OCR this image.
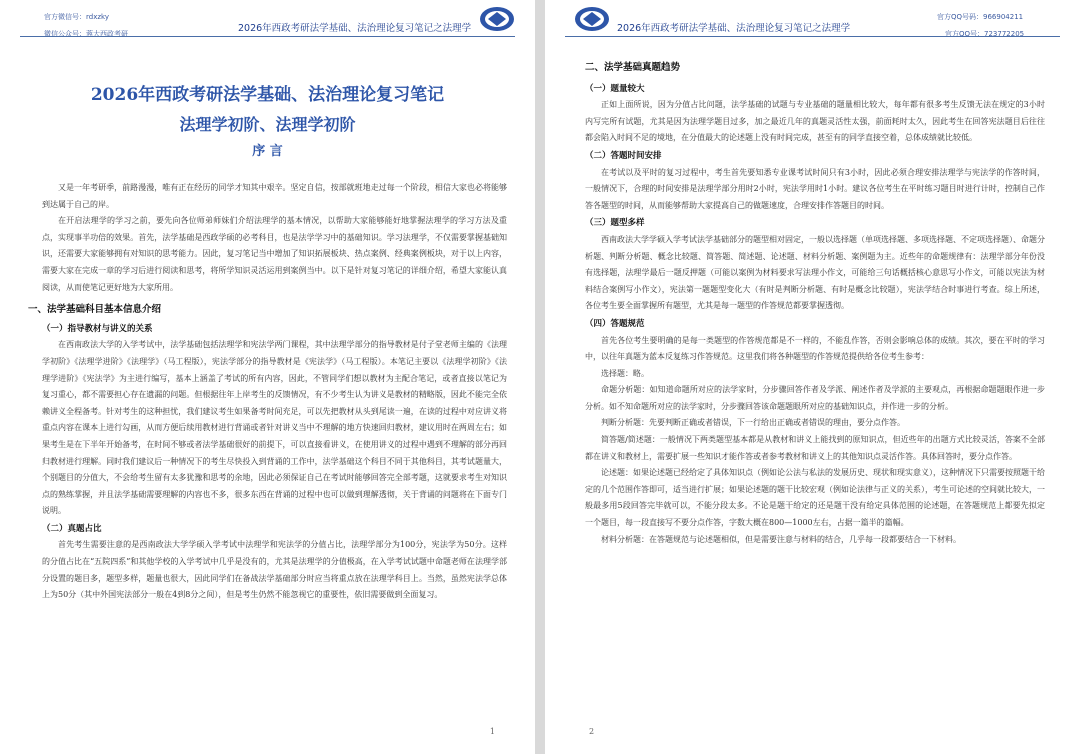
官方微信号：rdxzky
微信公众号：蓉大西政考研	2026年西政考研法学基础、法治理论复习笔记之法理学
2026年西政考研法学基础、法治理论复习笔记
法理学初阶、法理学初阶
序 言

又是一年考研季，前路漫漫，唯有正在经历的同学才知其中艰辛。坚定自信，按部就班地走过每一个阶段，相信大家也必将能够到达属于自己的岸。

在开启法理学的学习之前，要先向各位师弟师妹们介绍法理学的基本情况，以帮助大家能够能好地掌握法理学的学习方法及重点，实现事半功倍的效果。首先，法学基础是西政学硕的必考科目，也是法学学习中的基础知识。学习法理学，不仅需要掌握基础知识，还需要大家能够拥有对知识的思考能力。因此，复习笔记当中增加了知识拓展板块、热点案例、经典案例板块，对于以上内容，需要大家在完成一章的学习后进行阅读和思考，将所学知识灵活运用到案例当中。以下是针对复习笔记的详细介绍，希望大家能认真阅读，从而使笔记更好地为大家所用。

一、法学基础科目基本信息介绍
（一）指导教材与讲义的关系

在西南政法大学的入学考试中，法学基础包括法理学和宪法学两门课程，其中法理学部分的指导教材是付子堂老师主编的《法理学初阶》《法理学进阶》《法理学》（马工程版），宪法学部分的指导教材是《宪法学》（马工程版）。本笔记主要以《法理学初阶》《法理学进阶》《宪法学》为主进行编写，基本上涵盖了考试的所有内容，因此，不管同学们想以教材为主配合笔记，或者直接以笔记为复习重心，都不需要担心存在遗漏的问题。但根据往年上岸考生的反馈情况，有不少考生认为讲义是教材的精略版，因此不能完全依赖讲义全程备考。针对考生的这种担忧，我们建议考生如果备考时间充足，可以先把教材从头到尾读一遍，在读的过程中对应讲义将重点内容在课本上进行勾画，从而方便后续用教材进行背诵或者针对讲义当中不理解的地方快速回归教材，建议用时在两周左右；如果考生是在下半年开始备考，在时间不够或者法学基础很好的前提下，可以直接看讲义，在使用讲义的过程中遇到不理解的部分再回归教材进行理解。同时我们建议后一种情况下的考生尽快投入到背诵的工作中，法学基础这个科目不同于其他科目，其考试题量大，个别题目的分值大，不会给考生留有太多犹豫和思考的余地，因此必须保证自己在考试时能够回答完全部考题，这就要求考生对知识点的熟练掌握，并且法学基础需要理解的内容也不多，很多东西在背诵的过程中也可以做到理解透彻，关于背诵的问题将在下面专门说明。

（二）真题占比

首先考生需要注意的是西南政法大学学硕入学考试中法理学和宪法学的分值占比，法理学部分为100分，宪法学为50分。这样的分值占比在“五院四系”和其他学校的入学考试中几乎是没有的，尤其是法理学的分值极高，在入学考试试题中命题老师在法理学部分设置的题目多，题型多样，题量也很大，因此同学们在备战法学基础部分时应当将重点放在法理学科目上。当然，虽然宪法学总体上为50分（其中外国宪法部分一般在4到8分之间），但是考生仍然不能忽视它的重要性，依旧需要做到全面复习。

1
2026年西政考研法学基础、法治理论复习笔记之法理学
官方QQ号码：966904211
官方QQ号：723772205
二、法学基础真题趋势
（一）题量较大

正如上面所说，因为分值占比问题，法学基础的试题与专业基础的题量相比较大，每年都有很多考生反馈无法在规定的3小时内写完所有试题，尤其是因为法理学题目过多，加之最近几年的真题灵活性太强，前面耗时太久，因此考生在回答宪法题目后往往都会陷入时间不足的境地，在分值最大的论述题上没有时间完成，甚至有的同学直接空着，总体成绩就比较低。

（二）答题时间安排

在考试以及平时的复习过程中，考生首先要知悉专业课考试时间只有3小时，因此必须合理安排法理学与宪法学的作答时间，一般情况下，合理的时间安排是法理学部分用时2小时，宪法学用时1小时。建议各位考生在平时练习题目时进行计时，控制自己作答各题型的时间，从而能够帮助大家提高自己的做题速度，合理安排作答题目的时间。

（三）题型多样

西南政法大学学硕入学考试法学基础部分的题型相对固定，一般以选择题（单项选择题、多项选择题、不定项选择题）、命题分析题、判断分析题、概念比较题、简答题、简述题、论述题、材料分析题、案例题为主。近些年的命题规律有：法理学部分年份没有选择题，法理学最后一题反押题（可能以案例为材料要求写法理小作文，可能给三句话概括核心意思写小作文，可能以宪法为材料结合案例写小作文），宪法第一题题型变化大（有时是判断分析题、有时是概念比较题），宪法学结合时事进行考查。综上所述，各位考生要全面掌握所有题型，尤其是每一题型的作答规范都要掌握透彻。

（四）答题规范

首先各位考生要明确的是每一类题型的作答规范都是不一样的，不能乱作答，否则会影响总体的成绩。其次，要在平时的学习中，以往年真题为蓝本反复练习作答规范。这里我们将各种题型的作答规范提供给各位考生参考：

选择题：略。

命题分析题：如知道命题所对应的法学家时，分步骤回答作者及学派、阐述作者及学派的主要观点，再根据命题题眼作进一步分析。如不知命题所对应的法学家时，分步骤回答该命题题眼所对应的基础知识点，并作进一步的分析。

判断分析题：先要判断正确或者错误，下一行给出正确或者错误的理由，要分点作答。

简答题/简述题：一般情况下两类题型基本都是从教材和讲义上能找到的原知识点，但近些年的出题方式比较灵活，答案不全部都在讲义和教材上，需要扩展一些知识才能作答或者参考教材和讲义上的其他知识点灵活作答。具体回答时，要分点作答。

论述题：如果论述题已经给定了具体知识点（例如论公法与私法的发展历史、现状和现实意义），这种情况下只需要按照题干给定的几个范围作答即可，适当进行扩展；如果论述题的题干比较宏观（例如论法律与正义的关系），考生可论述的空间就比较大，一般最多用5段回答完毕就可以，不能分段太多。不论是题干给定的还是题干没有给定具体范围的论述题，在答题规范上都要先拟定一个题目，每一段直接写不要分点作答，字数大概在800—1000左右，占据一篇半的篇幅。

材料分析题：在答题规范与论述题相似，但是需要注意与材料的结合，几乎每一段都要结合一下材料。

2
